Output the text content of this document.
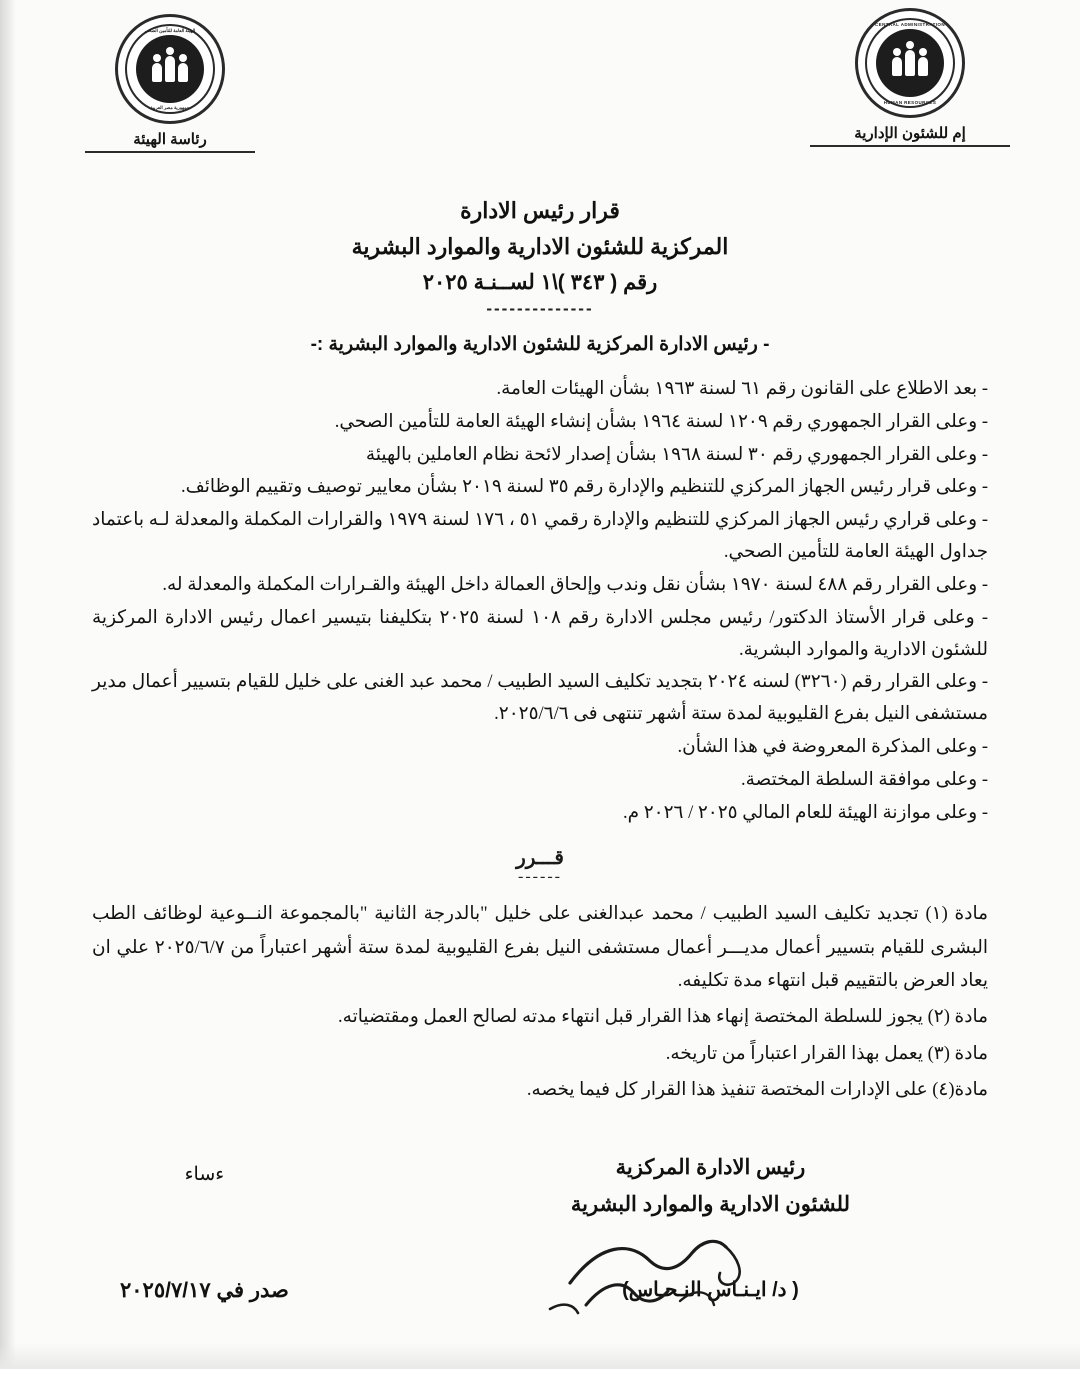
الهيئة العامة للتأمين الصحي
جمهورية مصر العربية
رئاسة الهيئة
CENTRAL ADMINISTRATION
HUMAN RESOURCES
إم للشئون الإدارية
قرار رئيس الادارة
المركزية للشئون الادارية والموارد البشرية
رقم ( ٣٤٣ )\١ لســنـة ٢٠٢٥
--------------
- رئيس الادارة المركزية للشئون الادارية والموارد البشرية :-
- بعد الاطلاع على القانون رقم ٦١ لسنة ١٩٦٣ بشأن الهيئات العامة.
- وعلى القرار الجمهوري رقم ١٢٠٩ لسنة ١٩٦٤ بشأن إنشاء الهيئة العامة للتأمين الصحي.
- وعلى القرار الجمهوري رقم ٣٠ لسنة ١٩٦٨ بشأن إصدار لائحة نظام العاملين بالهيئة
- وعلى قرار رئيس الجهاز المركزي للتنظيم والإدارة رقم ٣٥ لسنة ٢٠١٩ بشأن معايير توصيف وتقييم الوظائف.
- وعلى قراري رئيس الجهاز المركزي للتنظيم والإدارة رقمي ٥١ ، ١٧٦ لسنة ١٩٧٩ والقرارات المكملة والمعدلة لـه باعتماد جداول الهيئة العامة للتأمين الصحي.
- وعلى القرار رقم ٤٨٨ لسنة ١٩٧٠ بشأن نقل وندب وإلحاق العمالة داخل الهيئة والقـرارات المكملة والمعدلة له.
- وعلى قرار الأستاذ الدكتور/ رئيس مجلس الادارة رقم ١٠٨ لسنة ٢٠٢٥ بتكليفنا بتيسير اعمال رئيس الادارة المركزية للشئون الادارية والموارد البشرية.
- وعلى القرار رقم (٣٢٦٠) لسنه ٢٠٢٤ بتجديد تكليف السيد الطبيب / محمد عبد الغنى على خليل للقيام بتسيير أعمال مدير مستشفى النيل بفرع القليوبية لمدة ستة أشهر تنتهى فى ٢٠٢٥/٦/٦.
- وعلى المذكرة المعروضة في هذا الشأن.
- وعلى موافقة السلطة المختصة.
- وعلى موازنة الهيئة للعام المالي ٢٠٢٥ / ٢٠٢٦ م.
قـــرر
------
مادة (١) تجديد تكليف السيد الطبيب / محمد عبدالغنى على خليل "بالدرجة الثانية "بالمجموعة النــوعية لوظائف الطب البشرى للقيام بتسيير أعمال مديـــر أعمال مستشفى النيل بفرع القليوبية لمدة ستة أشهر اعتباراً من ٢٠٢٥/٦/٧ علي ان يعاد العرض بالتقييم قبل انتهاء مدة تكليفه.
مادة (٢) يجوز للسلطة المختصة إنهاء هذا القرار قبل انتهاء مدته لصالح العمل ومقتضياته.
مادة (٣) يعمل بهذا القرار اعتباراً من تاريخه.
مادة(٤) على الإدارات المختصة تنفيذ هذا القرار كل فيما يخصه.
رئيس الادارة المركزية
للشئون الادارية والموارد البشرية
( د/ ايـنـاس النـحـاس)
ءساء
صدر في ٢٠٢٥/٧/١٧
